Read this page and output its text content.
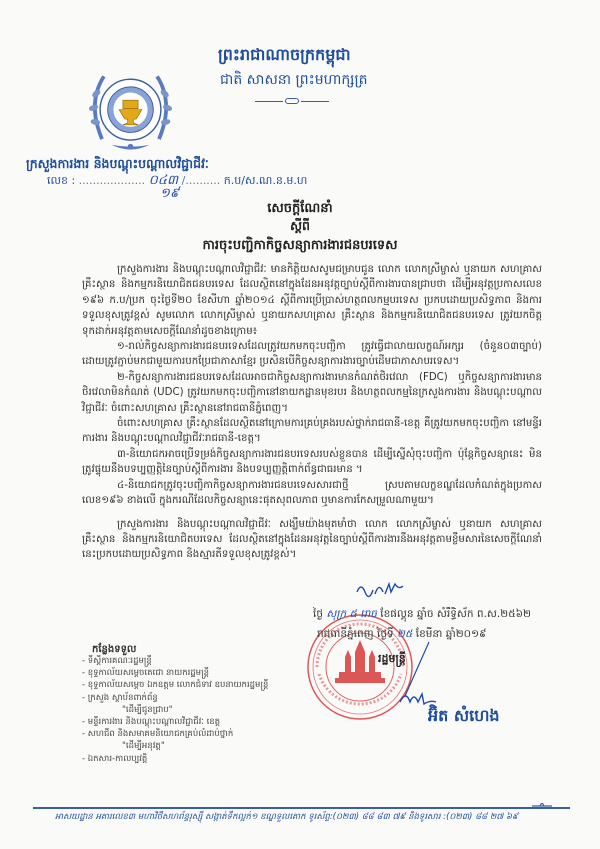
ព្រះរាជាណាចក្រកម្ពុជា
ជាតិ សាសនា ព្រះមហាក្សត្រ
ក្រសួងការងារ និងបណ្តុះបណ្តាលវិជ្ជាជីវៈ
លេខ : ................... ០៤៣ /.......... ក.ប/ស.ណ.ន.ម.ហ
១៩
សេចក្តីណែនាំ
ស្តីពី
ការចុះបញ្ជិកាកិច្ចសន្យាការងារជនបរទេស

ក្រសួងការងារ និងបណ្តុះបណ្តាលវិជ្ជាជីវៈ មានកិត្តិយសសូមជម្រាបជូន លោក លោកស្រីម្ចាស់ ឬនាយក សហគ្រាស គ្រឹះស្ថាន និងកម្មករនិយោជិតជនបរទេស ដែលស្ថិតនៅក្នុងដែនអនុវត្តច្បាប់ស្តីពីការងារបានជ្រាបថា ដើម្បីអនុវត្តប្រកាសលេខ ១៩៦ ក.ប/ប្រក ចុះថ្ងៃទី២០ ខែសីហា ឆ្នាំ២០១៤ ស្តីពីការប្រើប្រាស់ហត្ថពលកម្មបរទេស ប្រកបដោយប្រសិទ្ធភាព និងការទទួលខុសត្រូវខ្ពស់ សូមលោក លោកស្រីម្ចាស់ ឬនាយកសហគ្រាស គ្រឹះស្ថាន និងកម្មករនិយោជិតជនបរទេស ត្រូវយកចិត្តទុកដាក់អនុវត្តតាមសេចក្តីណែនាំដូចខាងក្រោម៖

១-រាល់កិច្ចសន្យាការងារជនបរទេសដែលត្រូវយកមកចុះបញ្ជិកា ត្រូវធ្វើជាលាយលក្ខណ៍អក្សរ (ចំនួន០៣ច្បាប់) ដោយត្រូវភ្ជាប់មកជាមួយការបកប្រែជាភាសាខ្មែរ ប្រសិនបើកិច្ចសន្យាការងារច្បាប់ដើមជាភាសាបរទេស។

២-កិច្ចសន្យាការងារជនបរទេសដែលអាចជាកិច្ចសន្យាការងារមានកំណត់ថិរវេលា (FDC) ឬកិច្ចសន្យាការងារមានថិរវេលាមិនកំណត់ (UDC) ត្រូវយកមកចុះបញ្ជិកានៅនាយកដ្ឋានមុខរបរ និងហត្ថពលកម្មនៃក្រសួងការងារ និងបណ្តុះបណ្តាលវិជ្ជាជីវៈ ចំពោះសហគ្រាស គ្រឹះស្ថាននៅរាជធានីភ្នំពេញ។

ចំពោះសហគ្រាស គ្រឹះស្ថានដែលស្ថិតនៅក្រោមការគ្រប់គ្រងរបស់ថ្នាក់រាជធានី-ខេត្ត គឺត្រូវយកមកចុះបញ្ជិកា នៅមន្ទីរការងារ និងបណ្តុះបណ្តាលវិជ្ជាជីវៈរាជធានី-ខេត្ត។

៣-និយោជកអាចប្រើទម្រង់កិច្ចសន្យាការងារជនបរទេសរបស់ខ្លួនបាន ដើម្បីស្នើសុំចុះបញ្ជិកា ប៉ុន្តែកិច្ចសន្យានេះ មិនត្រូវផ្ទុយនឹងបទប្បញ្ញត្តិនៃច្បាប់ស្តីពីការងារ និងបទប្បញ្ញត្តិពាក់ព័ន្ធជាធរមាន ។

៤-និយោជកត្រូវចុះបញ្ជិកាកិច្ចសន្យាការងារជនបរទេសសារជាថ្មី ស្របតាមលក្ខខណ្ឌដែលកំណត់ក្នុងប្រកាស លេខ១៩៦ ខាងលើ ក្នុងករណីដែលកិច្ចសន្យានេះផុតសុពលភាព ឬមានការកែសម្រួលណាមួយ។

ក្រសួងការងារ និងបណ្តុះបណ្តាលវិជ្ជាជីវៈ សង្ឃឹមយ៉ាងមុតមាំថា លោក លោកស្រីម្ចាស់ ឬនាយក សហគ្រាស គ្រឹះស្ថាន និងកម្មករនិយោជិតបរទេស ដែលស្ថិតនៅក្នុងដែនអនុវត្តនៃច្បាប់ស្តីពីការងារនឹងអនុវត្តតាមខ្លឹមសារនៃសេចក្តីណែនាំនេះប្រកបដោយប្រសិទ្ធភាព និងស្មារតីទទួលខុសត្រូវខ្ពស់។

ថ្ងៃ សុក្រ ៥ រោច ខែផល្គុន ឆ្នាំច សំរឹទ្ធិស័ក ព.ស.២៥៦២
រាជធានីភ្នំពេញ ថ្ងៃទី ២៥ ខែមីនា ឆ្នាំ២០១៩
រដ្ឋមន្ត្រី
អ៊ិត សំហេង
កន្លែងទទួល
- ទីស្តីការគណៈរដ្ឋមន្ត្រី
- ខុទ្ទកាល័យសម្តេចតេជោ នាយករដ្ឋមន្ត្រី
- ខុទ្ទកាល័យសម្តេច ឯកឧត្តម លោកជំទាវ ឧបនាយករដ្ឋមន្ត្រី
- ក្រសួង ស្ថាប័នពាក់ព័ន្ធ
"ដើម្បីជូនជ្រាប"
- មន្ទីរការងារ និងបណ្តុះបណ្តាលវិជ្ជាជីវៈ ខេត្ត
- សហជីព និងសមាគមនិយោជកគ្រប់លំដាប់ថ្នាក់
"ដើម្បីអនុវត្ត"
- ឯកសារ-កាលប្បវត្តិ
អាសយដ្ឋាន អគារលេខ៣ មហាវិថីសហព័ន្ធរុស្ស៊ី សង្កាត់ទឹកល្អក់១ ខណ្ឌទួលគោក ទូរស័ព្ទ:(០២៣) ៨៨ ៨៣ ៧៩ និងទូរសារ :(០២៣) ៨៨ ២៧ ៦៩
